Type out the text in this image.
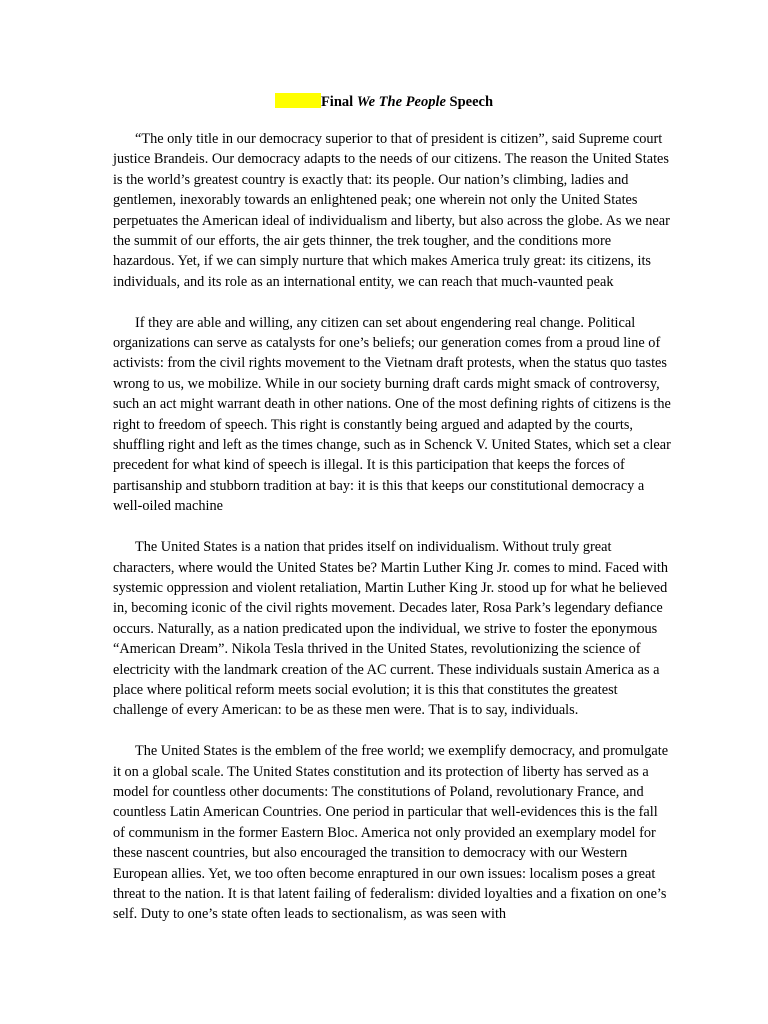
Final We The People Speech

“The only title in our democracy superior to that of president is citizen”, said Supreme court justice Brandeis. Our democracy adapts to the needs of our citizens. The reason the United States is the world’s greatest country is exactly that: its people. Our nation’s climbing, ladies and gentlemen, inexorably towards an enlightened peak; one wherein not only the United States perpetuates the American ideal of individualism and liberty, but also across the globe. As we near the summit of our efforts, the air gets thinner, the trek tougher, and the conditions more hazardous. Yet, if we can simply nurture that which makes America truly great: its citizens, its individuals, and its role as an international entity, we can reach that much-vaunted peak

If they are able and willing, any citizen can set about engendering real change. Political organizations can serve as catalysts for one’s beliefs; our generation comes from a proud line of activists: from the civil rights movement to the Vietnam draft protests, when the status quo tastes wrong to us, we mobilize. While in our society burning draft cards might smack of controversy, such an act might warrant death in other nations. One of the most defining rights of citizens is the right to freedom of speech. This right is constantly being argued and adapted by the courts, shuffling right and left as the times change, such as in Schenck V. United States, which set a clear precedent for what kind of speech is illegal. It is this participation that keeps the forces of partisanship and stubborn tradition at bay: it is this that keeps our constitutional democracy a well-oiled machine

The United States is a nation that prides itself on individualism. Without truly great characters, where would the United States be? Martin Luther King Jr. comes to mind. Faced with systemic oppression and violent retaliation, Martin Luther King Jr. stood up for what he believed in, becoming iconic of the civil rights movement. Decades later, Rosa Park’s legendary defiance occurs. Naturally, as a nation predicated upon the individual, we strive to foster the eponymous “American Dream”. Nikola Tesla thrived in the United States, revolutionizing the science of electricity with the landmark creation of the AC current. These individuals sustain America as a place where political reform meets social evolution; it is this that constitutes the greatest challenge of every American: to be as these men were. That is to say, individuals.

The United States is the emblem of the free world; we exemplify democracy, and promulgate it on a global scale. The United States constitution and its protection of liberty has served as a model for countless other documents: The constitutions of Poland, revolutionary France, and countless Latin American Countries. One period in particular that well-evidences this is the fall of communism in the former Eastern Bloc. America not only provided an exemplary model for these nascent countries, but also encouraged the transition to democracy with our Western European allies. Yet, we too often become enraptured in our own issues: localism poses a great threat to the nation. It is that latent failing of federalism: divided loyalties and a fixation on one’s self. Duty to one’s state often leads to sectionalism, as was seen with
